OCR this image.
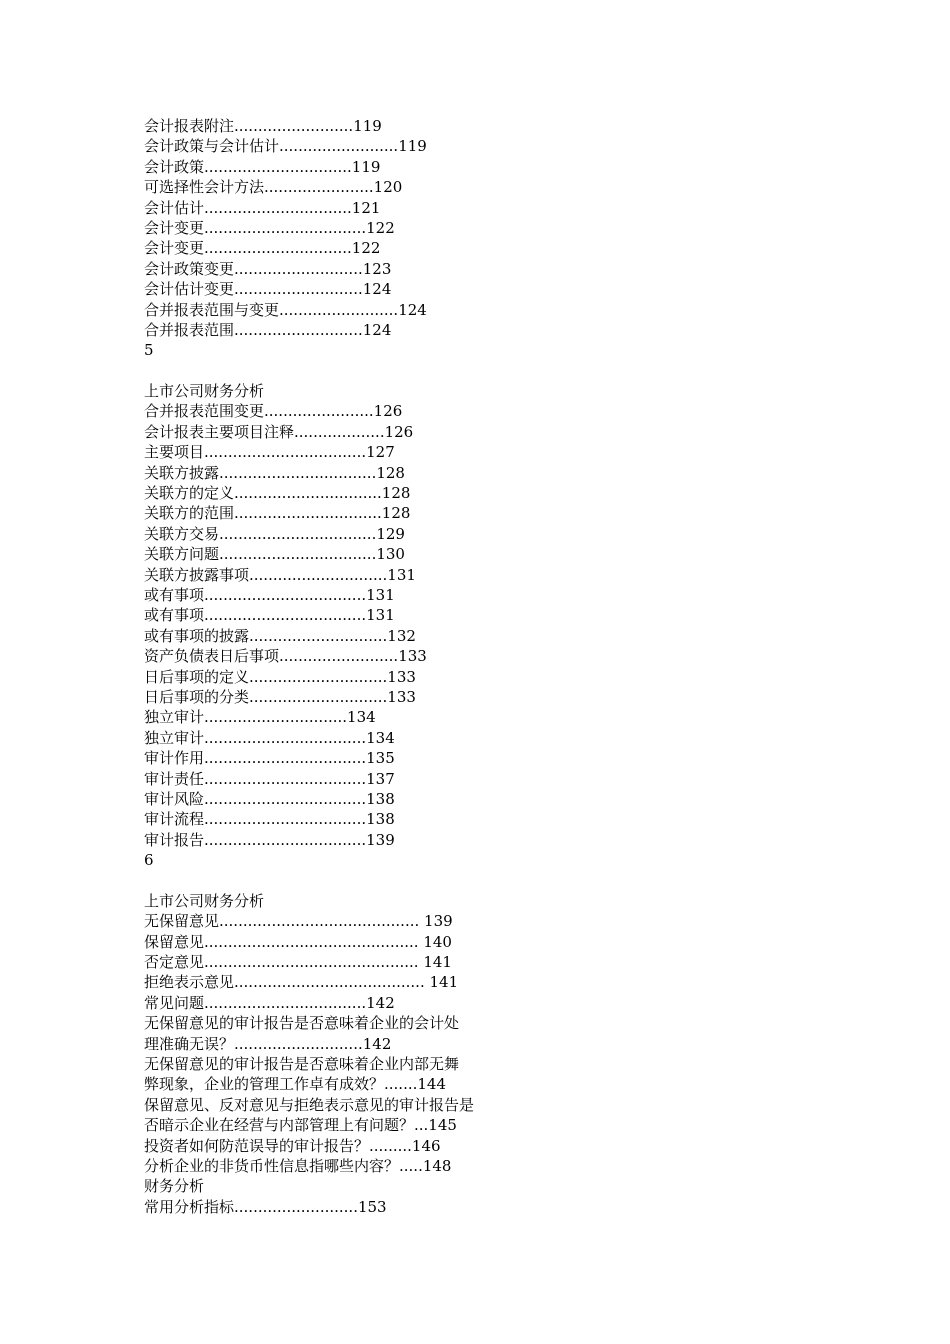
会计报表附注.........................119
会计政策与会计估计.........................119
会计政策...............................119
可选择性会计方法.......................120
会计估计...............................121
会计变更..................................122
会计变更...............................122
会计政策变更...........................123
会计估计变更...........................124
合并报表范围与变更.........................124
合并报表范围...........................124
5
上市公司财务分析
合并报表范围变更.......................126
会计报表主要项目注释...................126
主要项目..................................127
关联方披露.................................128
关联方的定义...............................128
关联方的范围...............................128
关联方交易.................................129
关联方问题.................................130
关联方披露事项.............................131
或有事项..................................131
或有事项..................................131
或有事项的披露.............................132
资产负债表日后事项.........................133
日后事项的定义.............................133
日后事项的分类.............................133
独立审计..............................134
独立审计..................................134
审计作用..................................135
审计责任..................................137
审计风险..................................138
审计流程..................................138
审计报告..................................139
6
上市公司财务分析
无保留意见.......................................... 139
保留意见............................................. 140
否定意见............................................. 141
拒绝表示意见........................................ 141
常见问题..................................142
无保留意见的审计报告是否意味着企业的会计处
理准确无误？...........................142
无保留意见的审计报告是否意味着企业内部无舞
弊现象，企业的管理工作卓有成效？.......144
保留意见、反对意见与拒绝表示意见的审计报告是
否暗示企业在经营与内部管理上有问题？...145
投资者如何防范误导的审计报告？.........146
分析企业的非货币性信息指哪些内容？.....148
财务分析
常用分析指标..........................153
